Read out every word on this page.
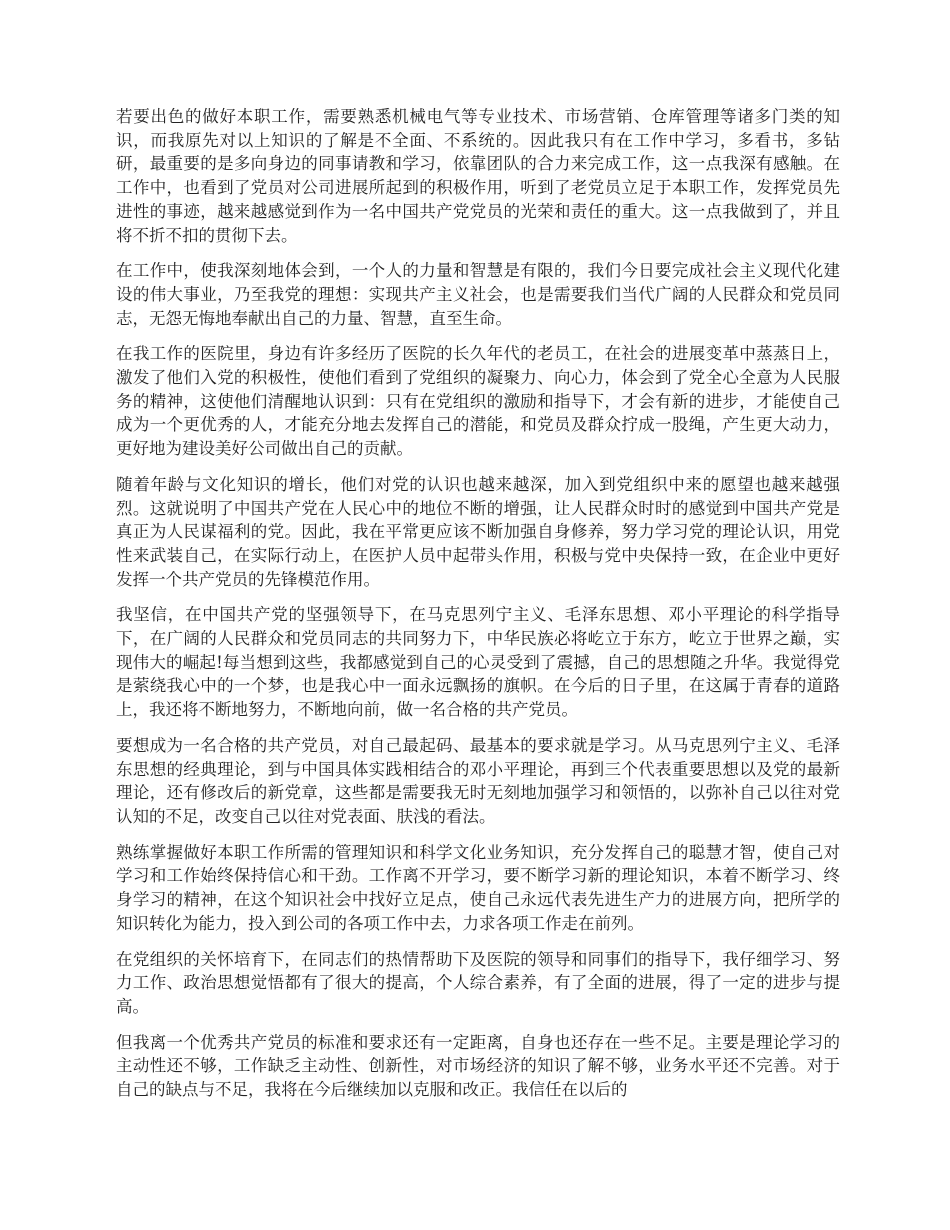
若要出色的做好本职工作，需要熟悉机械电气等专业技术、市场营销、仓库管理等诸多门类的知识，而我原先对以上知识的了解是不全面、不系统的。因此我只有在工作中学习，多看书，多钻研，最重要的是多向身边的同事请教和学习，依靠团队的合力来完成工作，这一点我深有感触。在工作中，也看到了党员对公司进展所起到的积极作用，听到了老党员立足于本职工作，发挥党员先进性的事迹，越来越感觉到作为一名中国共产党党员的光荣和责任的重大。这一点我做到了，并且将不折不扣的贯彻下去。

在工作中，使我深刻地体会到，一个人的力量和智慧是有限的，我们今日要完成社会主义现代化建设的伟大事业，乃至我党的理想：实现共产主义社会，也是需要我们当代广阔的人民群众和党员同志，无怨无悔地奉献出自己的力量、智慧，直至生命。

在我工作的医院里，身边有许多经历了医院的长久年代的老员工，在社会的进展变革中蒸蒸日上，激发了他们入党的积极性，使他们看到了党组织的凝聚力、向心力，体会到了党全心全意为人民服务的精神，这使他们清醒地认识到：只有在党组织的激励和指导下，才会有新的进步，才能使自己成为一个更优秀的人，才能充分地去发挥自己的潜能，和党员及群众拧成一股绳，产生更大动力，更好地为建设美好公司做出自己的贡献。

随着年龄与文化知识的增长，他们对党的认识也越来越深，加入到党组织中来的愿望也越来越强烈。这就说明了中国共产党在人民心中的地位不断的增强，让人民群众时时的感觉到中国共产党是真正为人民谋福利的党。因此，我在平常更应该不断加强自身修养，努力学习党的理论认识，用党性来武装自己，在实际行动上，在医护人员中起带头作用，积极与党中央保持一致，在企业中更好发挥一个共产党员的先锋模范作用。

我坚信，在中国共产党的坚强领导下，在马克思列宁主义、毛泽东思想、邓小平理论的科学指导下，在广阔的人民群众和党员同志的共同努力下，中华民族必将屹立于东方，屹立于世界之巅，实现伟大的崛起!每当想到这些，我都感觉到自己的心灵受到了震撼，自己的思想随之升华。我觉得党是萦绕我心中的一个梦，也是我心中一面永远飘扬的旗帜。在今后的日子里，在这属于青春的道路上，我还将不断地努力，不断地向前，做一名合格的共产党员。

要想成为一名合格的共产党员，对自己最起码、最基本的要求就是学习。从马克思列宁主义、毛泽东思想的经典理论，到与中国具体实践相结合的邓小平理论，再到三个代表重要思想以及党的最新理论，还有修改后的新党章，这些都是需要我无时无刻地加强学习和领悟的，以弥补自己以往对党认知的不足，改变自己以往对党表面、肤浅的看法。

熟练掌握做好本职工作所需的管理知识和科学文化业务知识，充分发挥自己的聪慧才智，使自己对学习和工作始终保持信心和干劲。工作离不开学习，要不断学习新的理论知识，本着不断学习、终身学习的精神，在这个知识社会中找好立足点，使自己永远代表先进生产力的进展方向，把所学的知识转化为能力，投入到公司的各项工作中去，力求各项工作走在前列。

在党组织的关怀培育下，在同志们的热情帮助下及医院的领导和同事们的指导下，我仔细学习、努力工作、政治思想觉悟都有了很大的提高，个人综合素养，有了全面的进展，得了一定的进步与提高。

但我离一个优秀共产党员的标准和要求还有一定距离，自身也还存在一些不足。主要是理论学习的主动性还不够，工作缺乏主动性、创新性，对市场经济的知识了解不够，业务水平还不完善。对于自己的缺点与不足，我将在今后继续加以克服和改正。我信任在以后的
